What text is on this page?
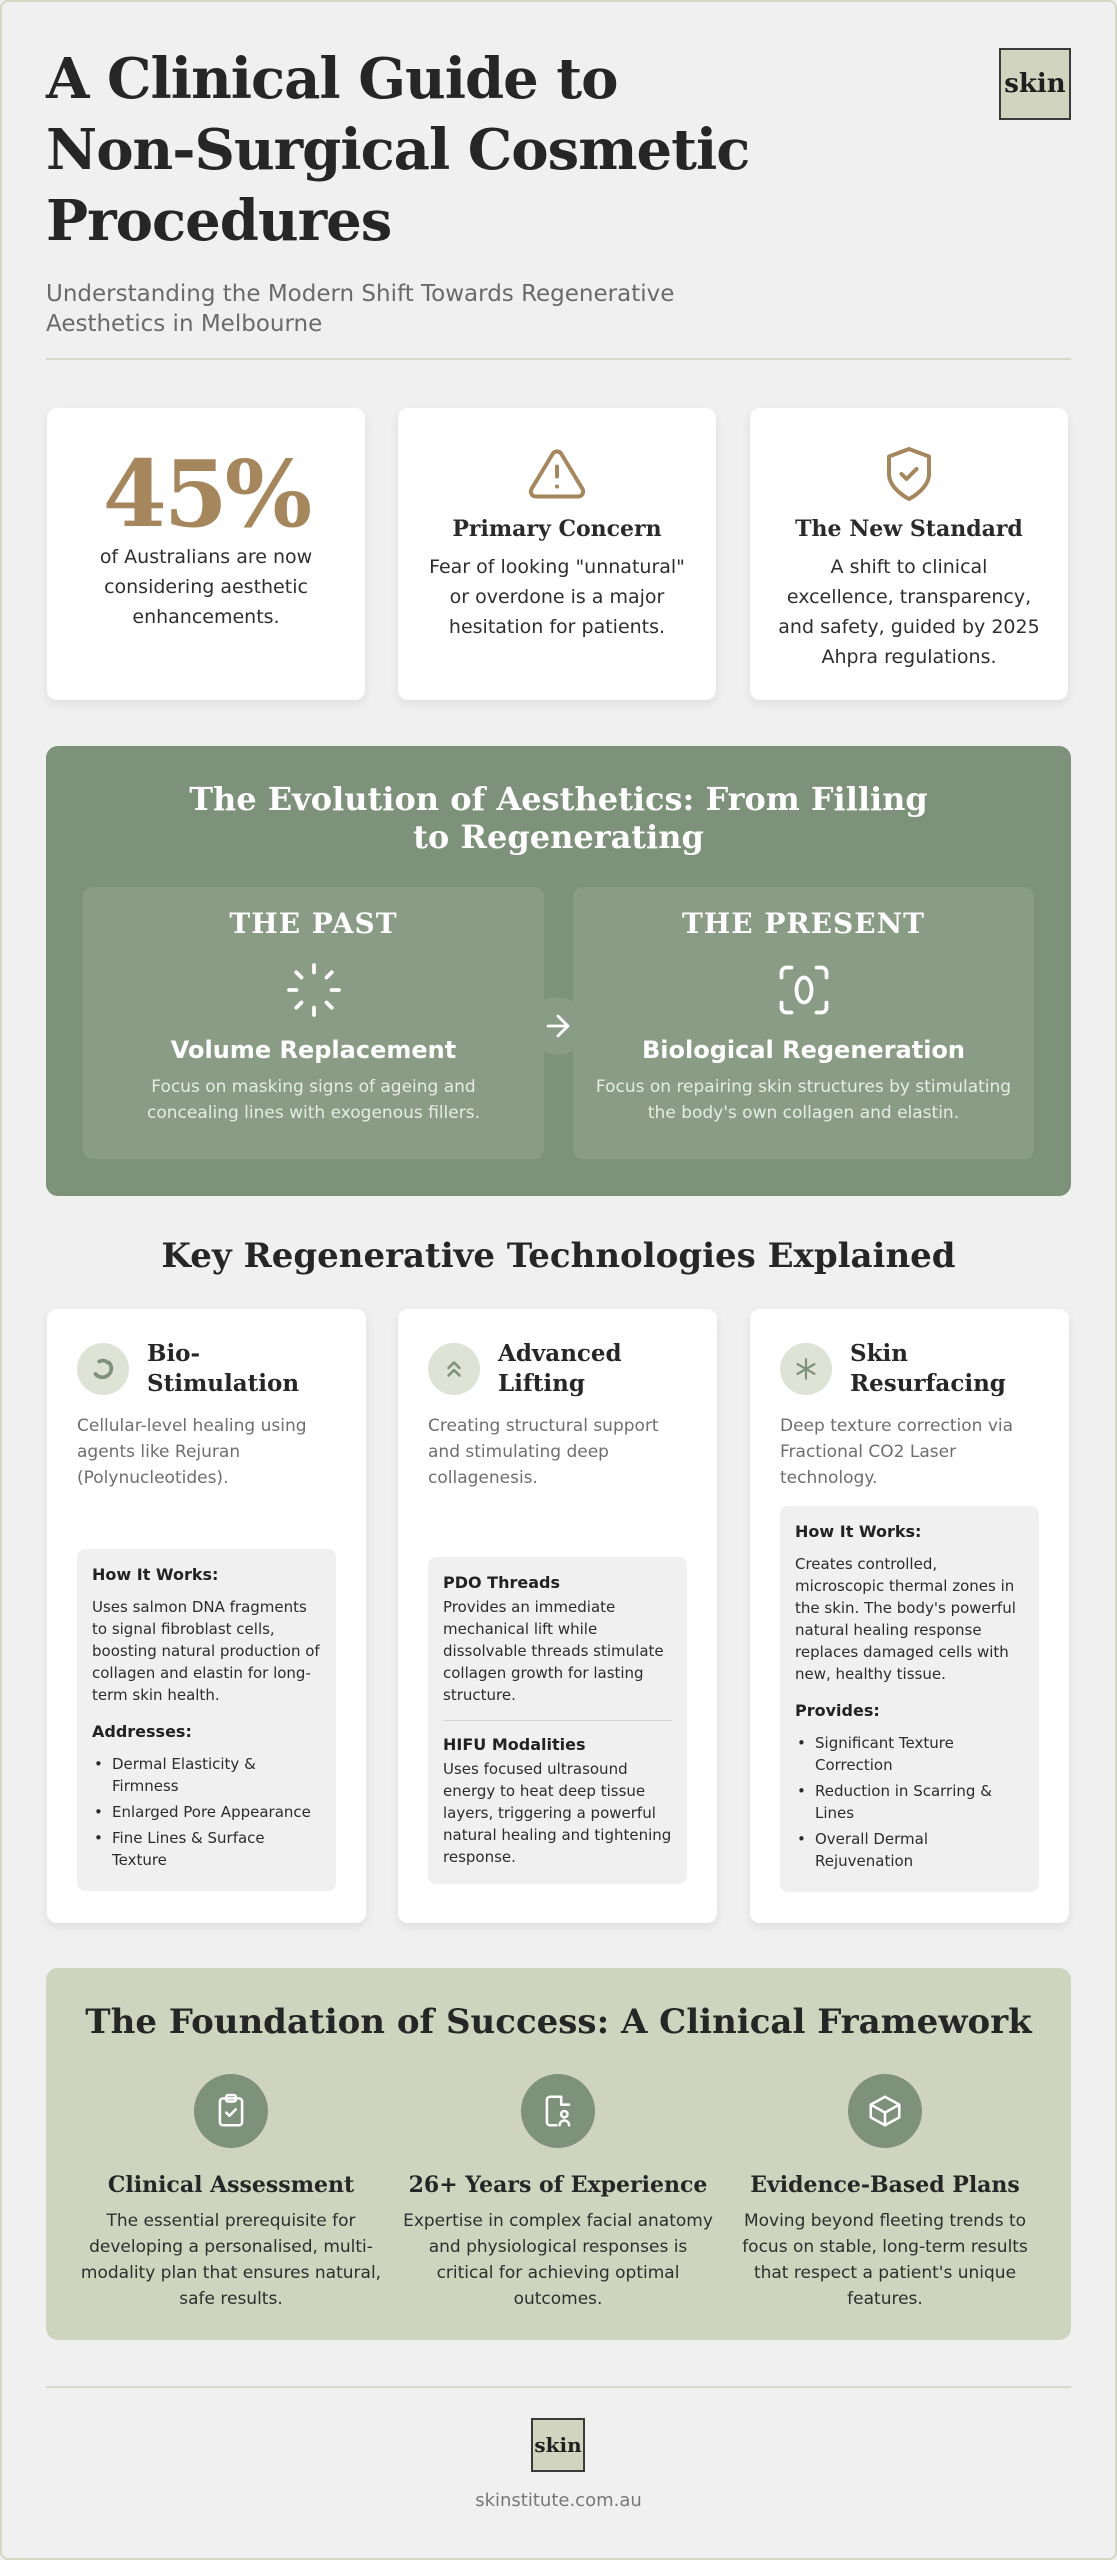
A Clinical Guide to Non-Surgical Cosmetic Procedures

Understanding the Modern Shift Towards Regenerative Aesthetics in Melbourne

skin
45%

of Australians are now considering aesthetic enhancements.

Primary Concern

Fear of looking "unnatural" or overdone is a major hesitation for patients.

The New Standard

A shift to clinical excellence, transparency, and safety, guided by 2025 Ahpra regulations.

The Evolution of Aesthetics: From Filling to Regenerating
THE PAST
Volume Replacement

Focus on masking signs of ageing and concealing lines with exogenous fillers.

THE PRESENT
Biological Regeneration

Focus on repairing skin structures by stimulating the body's own collagen and elastin.

Key Regenerative Technologies Explained
Bio-Stimulation

Cellular-level healing using agents like Rejuran (Polynucleotides).

How It Works:

Uses salmon DNA fragments to signal fibroblast cells, boosting natural production of collagen and elastin for long-term skin health.

Addresses:
• Dermal Elasticity & Firmness
• Enlarged Pore Appearance
• Fine Lines & Surface Texture
Advanced Lifting

Creating structural support and stimulating deep collagenesis.

PDO Threads

Provides an immediate mechanical lift while dissolvable threads stimulate collagen growth for lasting structure.

HIFU Modalities

Uses focused ultrasound energy to heat deep tissue layers, triggering a powerful natural healing and tightening response.

Skin Resurfacing

Deep texture correction via Fractional CO2 Laser technology.

How It Works:

Creates controlled, microscopic thermal zones in the skin. The body's powerful natural healing response replaces damaged cells with new, healthy tissue.

Provides:
• Significant Texture Correction
• Reduction in Scarring & Lines
• Overall Dermal Rejuvenation
The Foundation of Success: A Clinical Framework
Clinical Assessment

The essential prerequisite for developing a personalised, multi-modality plan that ensures natural, safe results.

26+ Years of Experience

Expertise in complex facial anatomy and physiological responses is critical for achieving optimal outcomes.

Evidence-Based Plans

Moving beyond fleeting trends to focus on stable, long-term results that respect a patient's unique features.

skin
skinstitute.com.au
